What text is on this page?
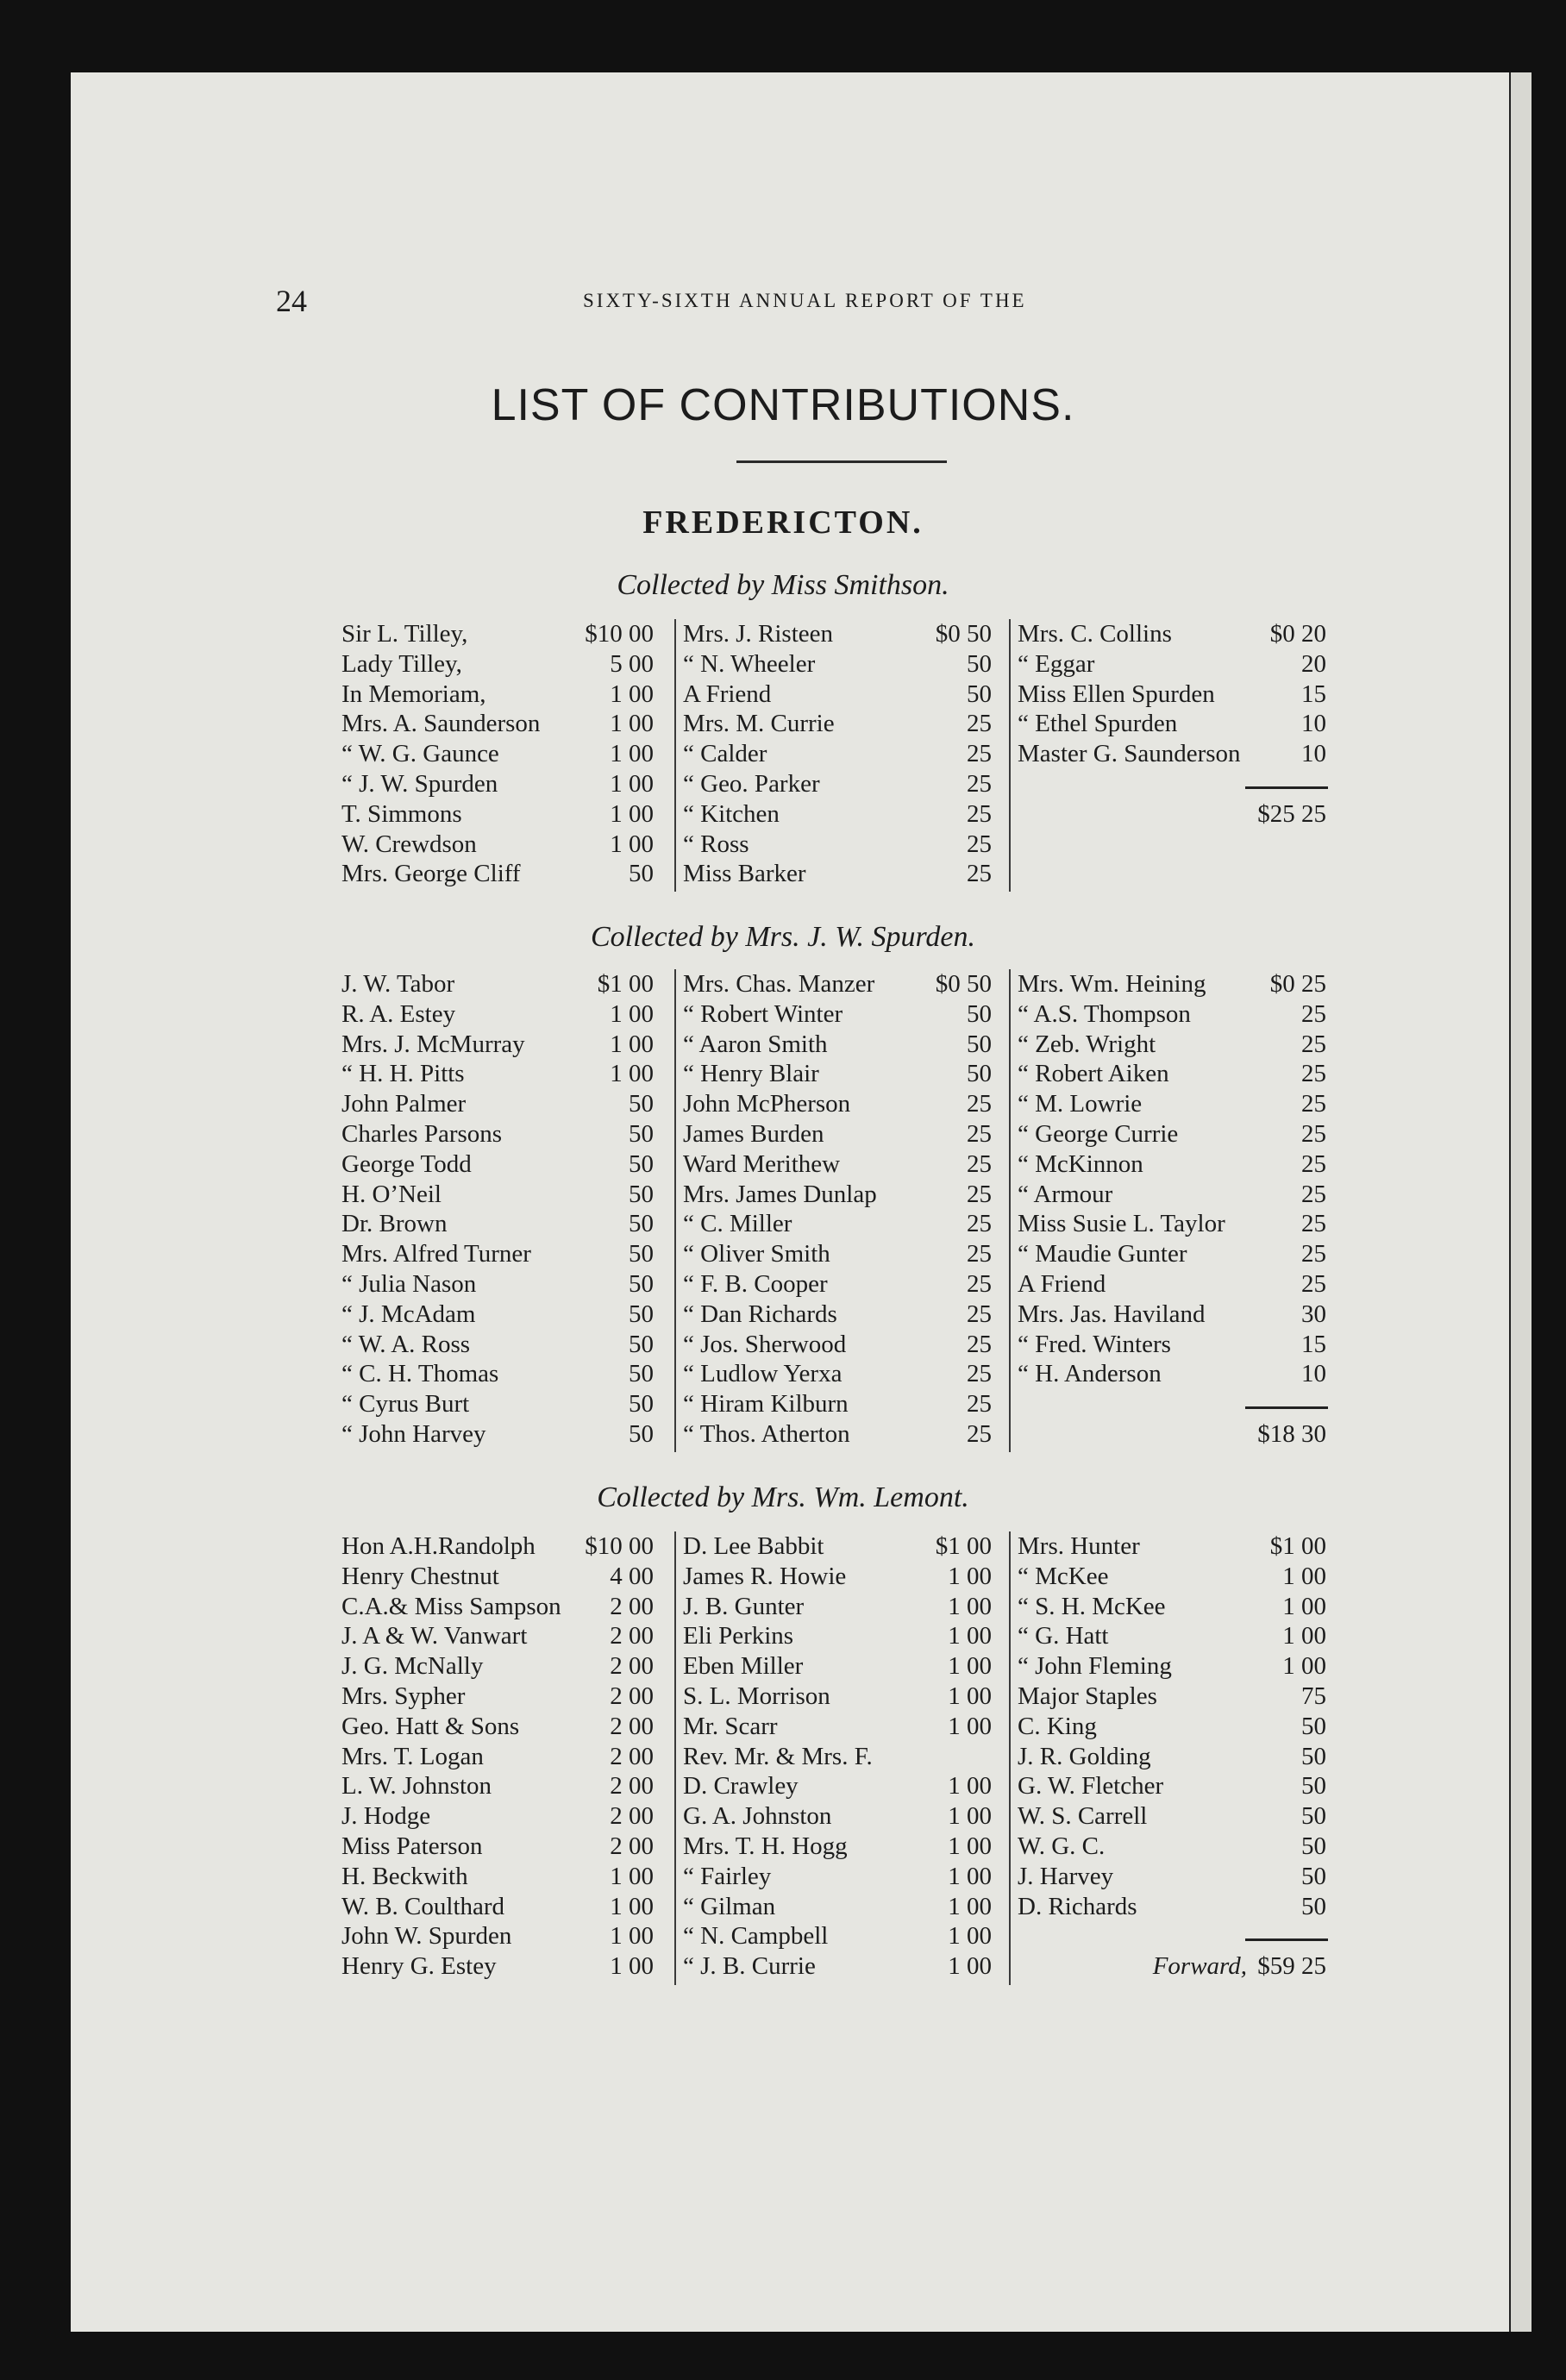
24	SIXTY-SIXTH ANNUAL REPORT OF THE
LIST OF CONTRIBUTIONS.
FREDERICTON.
Collected by Miss Smithson.
Sir L. Tilley,	$10 00
Lady Tilley,	5 00
In Memoriam,	1 00
Mrs. A. Saunderson	1 00
“ W. G. Gaunce	1 00
“ J. W. Spurden	1 00
T. Simmons	1 00
W. Crewdson	1 00
Mrs. George Cliff	50
Mrs. J. Risteen	$0 50
“ N. Wheeler	50
A Friend	50
Mrs. M. Currie	25
“ Calder	25
“ Geo. Parker	25
“ Kitchen	25
“ Ross	25
Miss Barker	25
Mrs. C. Collins	$0 20
“ Eggar	20
Miss Ellen Spurden	15
“ Ethel Spurden	10
Master G. Saunderson 10
$25 25
Collected by Mrs. J. W. Spurden.
J. W. Tabor	$1 00
R. A. Estey	1 00
Mrs. J. McMurray	1 00
“ H. H. Pitts	1 00
John Palmer	50
Charles Parsons	50
George Todd	50
H. O’Neil	50
Dr. Brown	50
Mrs. Alfred Turner	50
“ Julia Nason	50
“ J. McAdam	50
“ W. A. Ross	50
“ C. H. Thomas	50
“ Cyrus Burt	50
“ John Harvey	50
Mrs. Chas. Manzer $0 50
“ Robert Winter	50
“ Aaron Smith	50
“ Henry Blair	50
John McPherson	25
James Burden	25
Ward Merithew	25
Mrs. James Dunlap	25
“ C. Miller	25
“ Oliver Smith	25
“ F. B. Cooper	25
“ Dan Richards	25
“ Jos. Sherwood	25
“ Ludlow Yerxa	25
“ Hiram Kilburn	25
“ Thos. Atherton	25
Mrs. Wm. Heining	$0 25
“ A.S. Thompson	25
“ Zeb. Wright	25
“ Robert Aiken	25
“ M. Lowrie	25
“ George Currie	25
“ McKinnon	25
“ Armour	25
Miss Susie L. Taylor	25
“ Maudie Gunter	25
A Friend	25
Mrs. Jas. Haviland	30
“ Fred. Winters	15
“ H. Anderson	10
$18 30
Collected by Mrs. Wm. Lemont.
Hon A.H.Randolph $10 00
Henry Chestnut	4 00
C.A.& Miss Sampson 2 00
J. A & W. Vanwart	2 00
J. G. McNally	2 00
Mrs. Sypher	2 00
Geo. Hatt & Sons	2 00
Mrs. T. Logan	2 00
L. W. Johnston	2 00
J. Hodge	2 00
Miss Paterson	2 00
H. Beckwith	1 00
W. B. Coulthard	1 00
John W. Spurden	1 00
Henry G. Estey	1 00
D. Lee Babbit	$1 00
James R. Howie	1 00
J. B. Gunter	1 00
Eli Perkins	1 00
Eben Miller	1 00
S. L. Morrison	1 00
Mr. Scarr	1 00
Rev. Mr. & Mrs. F.
D. Crawley	1 00
G. A. Johnston	1 00
Mrs. T. H. Hogg	1 00
“ Fairley	1 00
“ Gilman	1 00
“ N. Campbell	1 00
“ J. B. Currie	1 00
Mrs. Hunter	$1 00
“ McKee	1 00
“ S. H. McKee	1 00
“ G. Hatt	1 00
“ John Fleming	1 00
Major Staples	75
C. King	50
J. R. Golding	50
G. W. Fletcher	50
W. S. Carrell	50
W. G. C.	50
J. Harvey	50
D. Richards	50
Forward, $59 25
